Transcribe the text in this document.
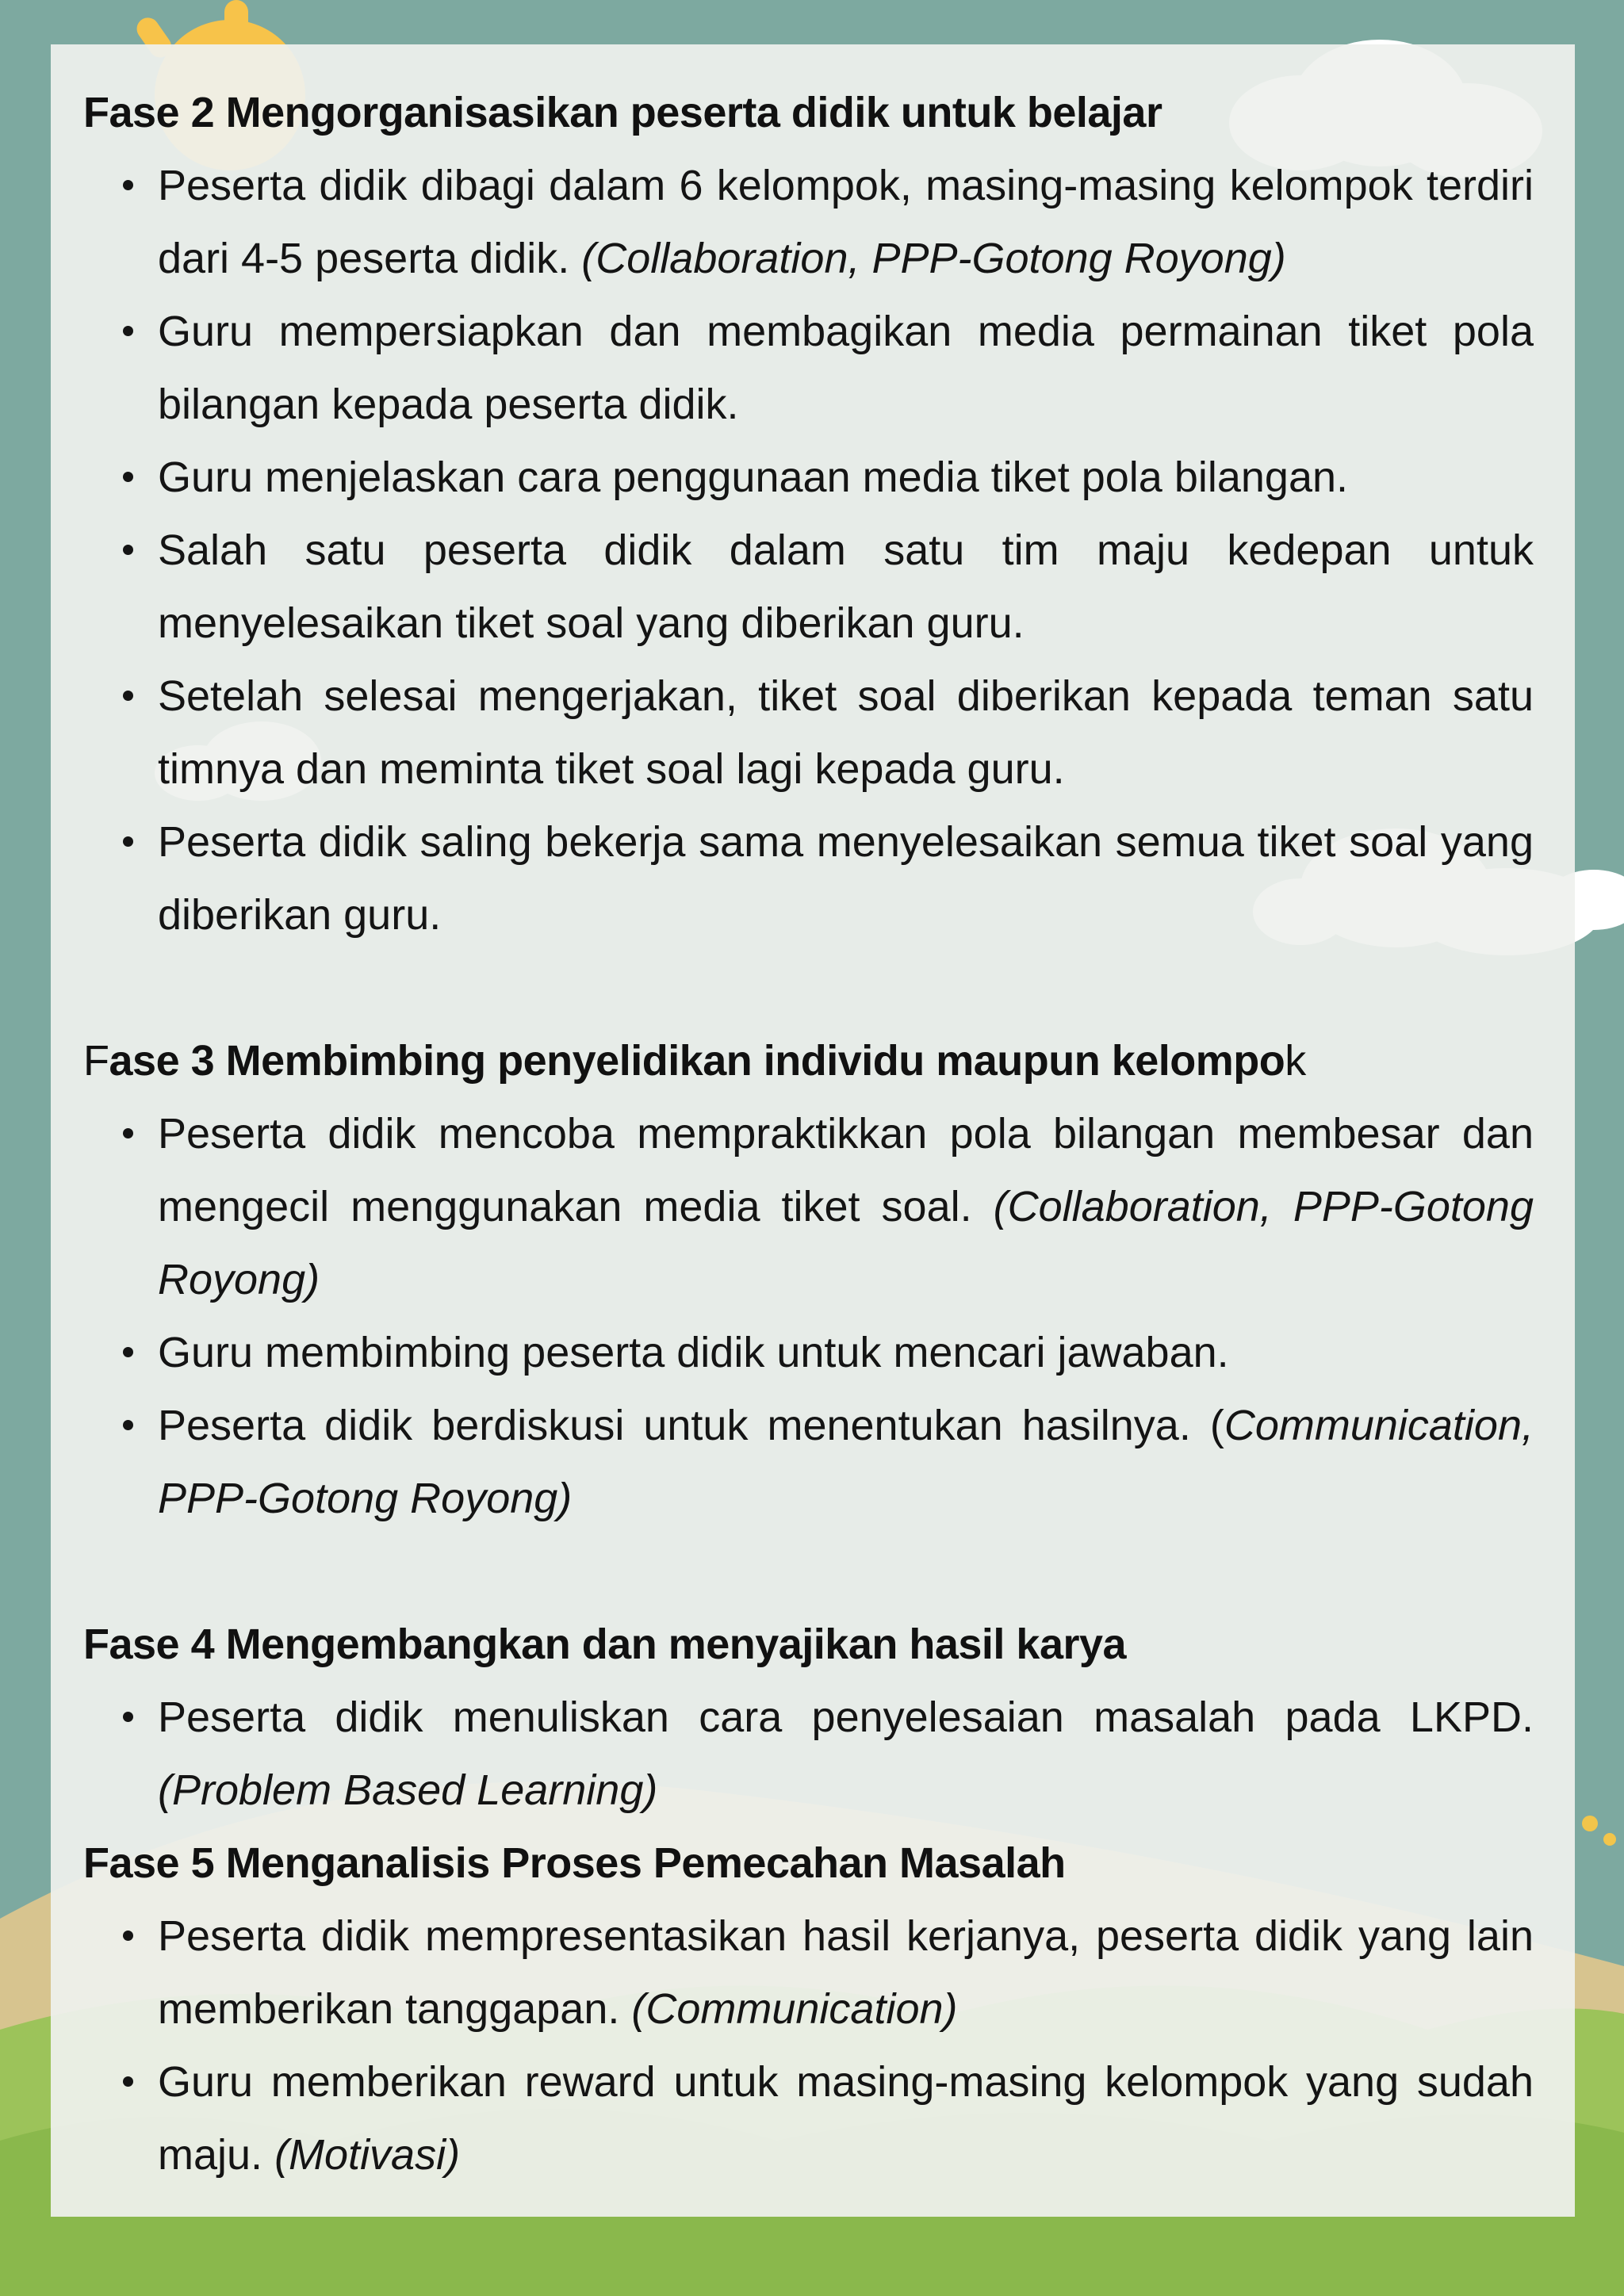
Fase 2 Mengorganisasikan peserta didik untuk belajar
Peserta didik dibagi dalam 6 kelompok, masing-masing kelompok terdiri dari 4-5 peserta didik. (Collaboration, PPP-Gotong Royong)
Guru mempersiapkan dan membagikan media permainan tiket pola bilangan kepada peserta didik.
Guru menjelaskan cara penggunaan media tiket pola bilangan.
Salah satu peserta didik dalam satu tim maju kedepan untuk menyelesaikan tiket soal yang diberikan guru.
Setelah selesai mengerjakan, tiket soal diberikan kepada teman satu timnya dan meminta tiket soal lagi kepada guru.
Peserta didik saling bekerja sama menyelesaikan semua tiket soal yang diberikan guru.
Fase 3 Membimbing penyelidikan individu maupun kelompok
Peserta didik mencoba mempraktikkan pola bilangan membesar dan mengecil menggunakan media tiket soal. (Collaboration, PPP-Gotong Royong)
Guru membimbing peserta didik untuk mencari jawaban.
Peserta didik berdiskusi untuk menentukan hasilnya. (Communication, PPP-Gotong Royong)
Fase 4 Mengembangkan dan menyajikan hasil karya
Peserta didik menuliskan cara penyelesaian masalah pada LKPD. (Problem Based Learning)
Fase 5 Menganalisis Proses Pemecahan Masalah
Peserta didik mempresentasikan hasil kerjanya, peserta didik yang lain memberikan tanggapan. (Communication)
Guru memberikan reward untuk masing-masing kelompok yang sudah maju. (Motivasi)
